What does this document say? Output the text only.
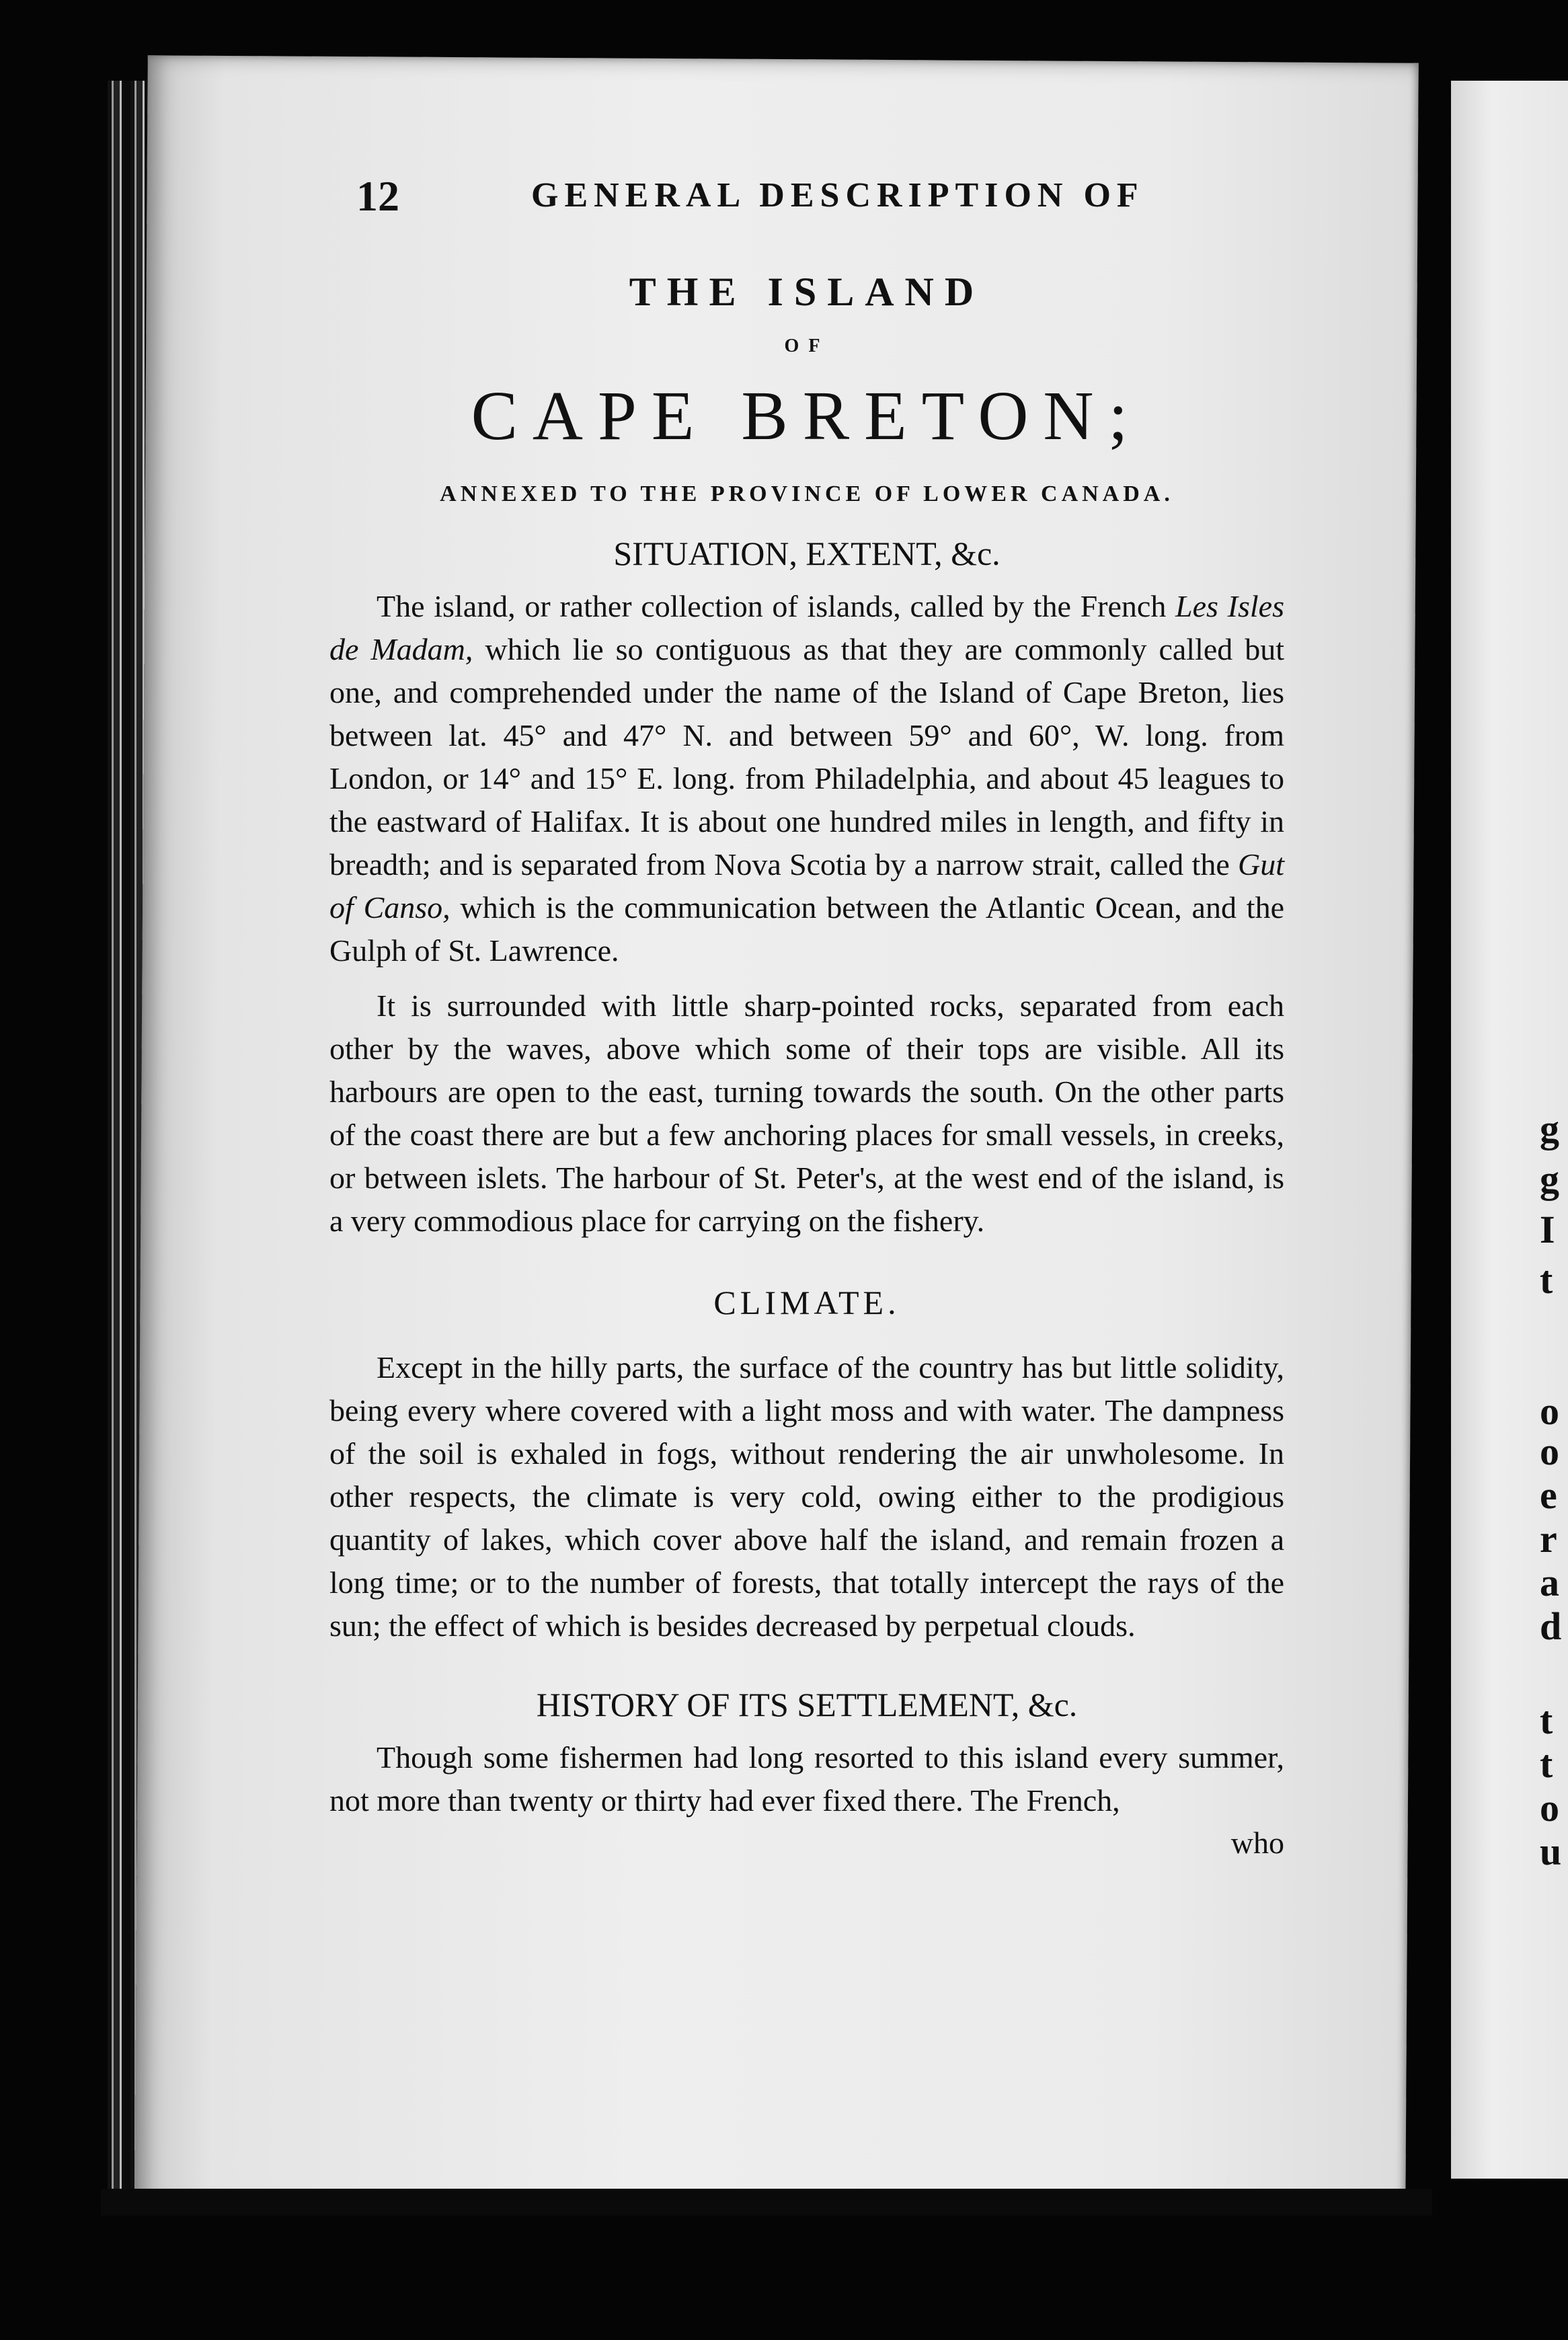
g
g
I
t
o
o
e
r
a
d
t
t
o
u
12	GENERAL DESCRIPTION OF
THE ISLAND
OF
CAPE BRETON;
ANNEXED TO THE PROVINCE OF LOWER CANADA.
SITUATION, EXTENT, &c.

The island, or rather collection of islands, called by the French Les Isles de Madam, which lie so contiguous as that they are commonly called but one, and comprehended under the name of the Island of Cape Breton, lies between lat. 45° and 47° N. and between 59° and 60°, W. long. from London, or 14° and 15° E. long. from Philadelphia, and about 45 leagues to the eastward of Halifax. It is about one hundred miles in length, and fifty in breadth; and is separated from Nova Scotia by a narrow strait, called the Gut of Canso, which is the communication between the Atlantic Ocean, and the Gulph of St. Lawrence.

It is surrounded with little sharp-pointed rocks, separated from each other by the waves, above which some of their tops are visible. All its harbours are open to the east, turning towards the south. On the other parts of the coast there are but a few anchoring places for small vessels, in creeks, or between islets. The harbour of St. Peter's, at the west end of the island, is a very commodious place for carrying on the fishery.

CLIMATE.

Except in the hilly parts, the surface of the country has but little solidity, being every where covered with a light moss and with water. The dampness of the soil is exhaled in fogs, without rendering the air unwholesome. In other respects, the climate is very cold, owing either to the prodigious quantity of lakes, which cover above half the island, and remain frozen a long time; or to the number of forests, that totally intercept the rays of the sun; the effect of which is besides decreased by perpetual clouds.

HISTORY OF ITS SETTLEMENT, &c.

Though some fishermen had long resorted to this island every summer, not more than twenty or thirty had ever fixed there. The French,

who
